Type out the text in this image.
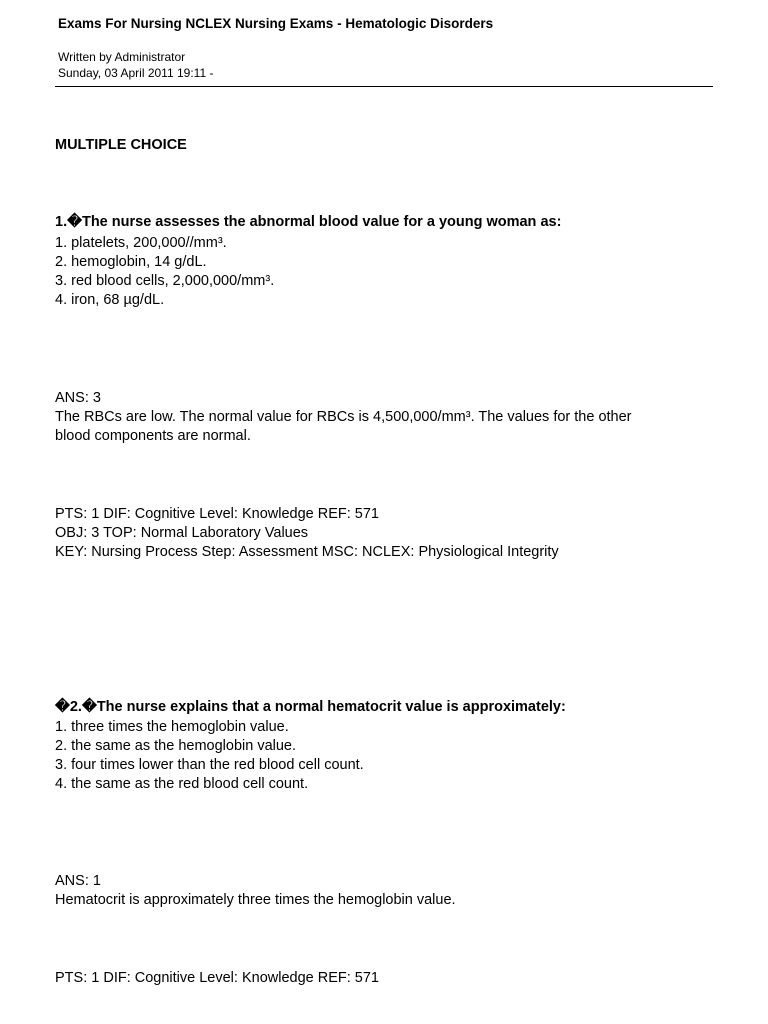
Exams For Nursing NCLEX Nursing Exams - Hematologic Disorders
Written by Administrator
Sunday, 03 April 2011 19:11 -
MULTIPLE CHOICE
1.�The nurse assesses the abnormal blood value for a young woman as:
1. platelets, 200,000//mm³.
2. hemoglobin, 14 g/dL.
3. red blood cells, 2,000,000/mm³.
4. iron, 68 µg/dL.
ANS: 3
The RBCs are low. The normal value for RBCs is 4,500,000/mm³. The values for the other
blood components are normal.
PTS: 1 DIF: Cognitive Level: Knowledge REF: 571
OBJ: 3 TOP: Normal Laboratory Values
KEY: Nursing Process Step: Assessment MSC: NCLEX: Physiological Integrity
�2.�The nurse explains that a normal hematocrit value is approximately:
1. three times the hemoglobin value.
2. the same as the hemoglobin value.
3. four times lower than the red blood cell count.
4. the same as the red blood cell count.
ANS: 1
Hematocrit is approximately three times the hemoglobin value.
PTS: 1 DIF: Cognitive Level: Knowledge REF: 571
